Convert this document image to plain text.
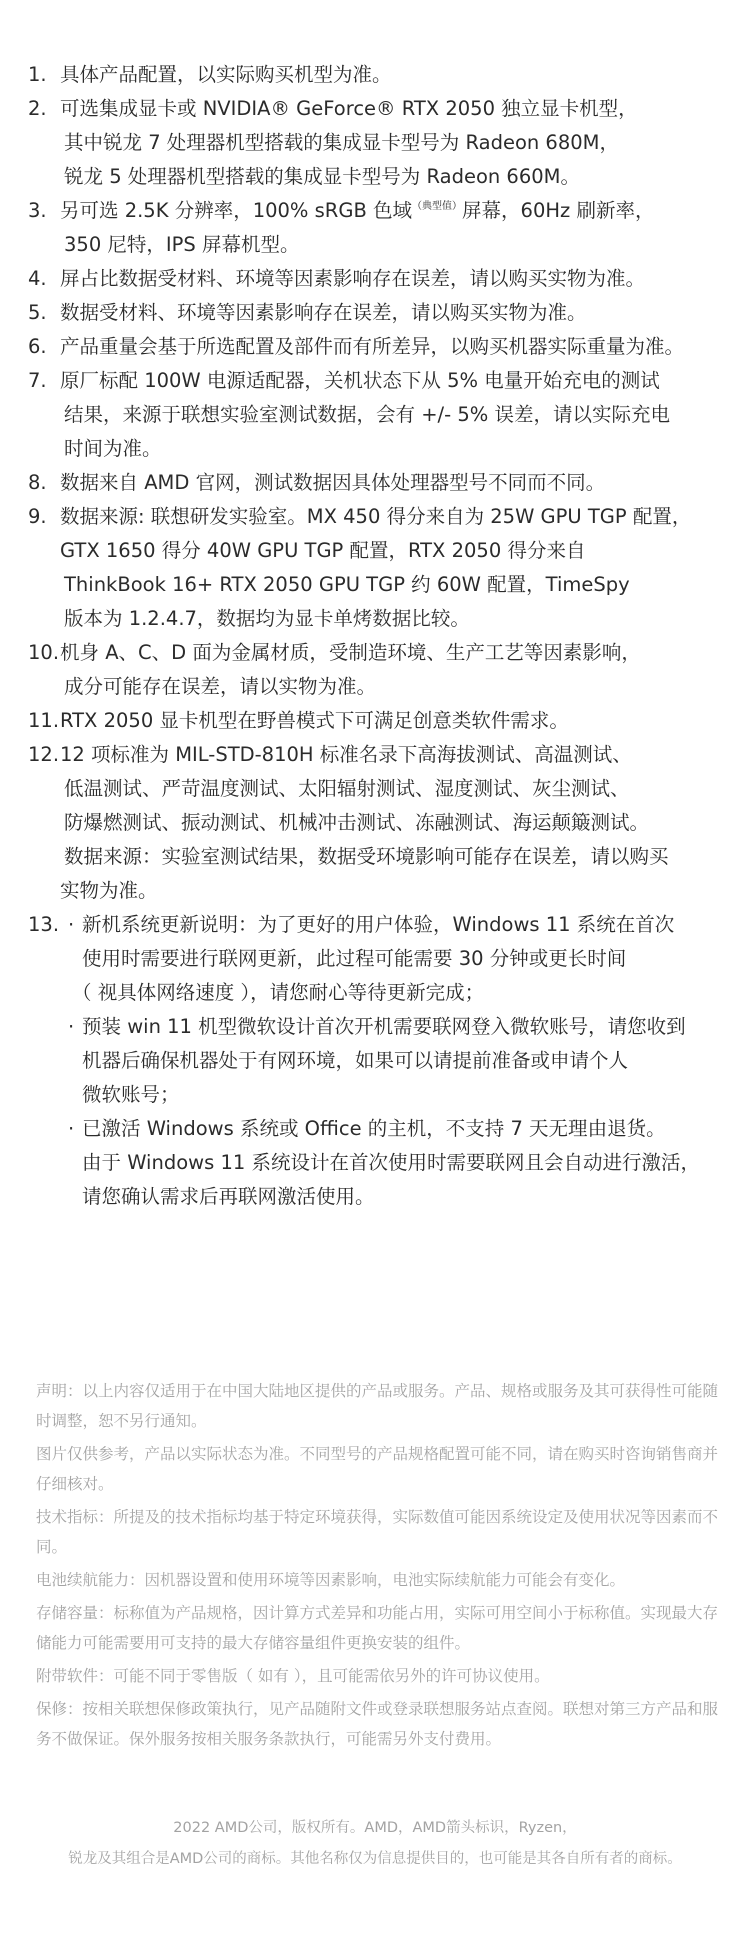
1. 具体产品配置，以实际购买机型为准。
2. 可选集成显卡或 NVIDIA® GeForce® RTX 2050 独立显卡机型，
其中锐龙 7 处理器机型搭载的集成显卡型号为 Radeon 680M，
锐龙 5 处理器机型搭载的集成显卡型号为 Radeon 660M。
3. 另可选 2.5K 分辨率，100% sRGB 色域$^{(典型值)}$屏幕，60Hz 刷新率，
350 尼特，IPS 屏幕机型。
4. 屏占比数据受材料、环境等因素影响存在误差，请以购买实物为准。
5. 数据受材料、环境等因素影响存在误差，请以购买实物为准。
6. 产品重量会基于所选配置及部件而有所差异，以购买机器实际重量为准。
7. 原厂标配 100W 电源适配器，关机状态下从 5% 电量开始充电的测试
结果，来源于联想实验室测试数据，会有 +/- 5% 误差，请以实际充电
时间为准。
8. 数据来自 AMD 官网，测试数据因具体处理器型号不同而不同。
9. 数据来源: 联想研发实验室。MX 450 得分来自为 25W GPU TGP 配置，
GTX 1650 得分 40W GPU TGP 配置，RTX 2050 得分来自
ThinkBook 16+ RTX 2050 GPU TGP 约 60W 配置，TimeSpy
版本为 1.2.4.7，数据均为显卡单烤数据比较。
10. 机身 A、C、D 面为金属材质，受制造环境、生产工艺等因素影响，
成分可能存在误差，请以实物为准。
11. RTX 2050 显卡机型在野兽模式下可满足创意类软件需求。
12. 12 项标准为 MIL-STD-810H 标准名录下高海拔测试、高温测试、
低温测试、严苛温度测试、太阳辐射测试、湿度测试、灰尘测试、
防爆燃测试、振动测试、机械冲击测试、冻融测试、海运颠簸测试。
数据来源：实验室测试结果，数据受环境影响可能存在误差，请以购买
实物为准。
13. · 新机系统更新说明：为了更好的用户体验，Windows 11 系统在首次
使用时需要进行联网更新，此过程可能需要 30 分钟或更长时间
（ 视具体网络速度 ），请您耐心等待更新完成；
· 预装 win 11 机型微软设计首次开机需要联网登入微软账号，请您收到
机器后确保机器处于有网环境，如果可以请提前准备或申请个人
微软账号；
· 已激活 Windows 系统或 Office 的主机，不支持 7 天无理由退货。
由于 Windows 11 系统设计在首次使用时需要联网且会自动进行激活，
请您确认需求后再联网激活使用。

声明：以上内容仅适用于在中国大陆地区提供的产品或服务。产品、规格或服务及其可获得性可能随时调整，恕不另行通知。

图片仅供参考，产品以实际状态为准。不同型号的产品规格配置可能不同，请在购买时咨询销售商并仔细核对。

技术指标：所提及的技术指标均基于特定环境获得，实际数值可能因系统设定及使用状况等因素而不同。

电池续航能力：因机器设置和使用环境等因素影响，电池实际续航能力可能会有变化。

存储容量：标称值为产品规格，因计算方式差异和功能占用，实际可用空间小于标称值。实现最大存储能力可能需要用可支持的最大存储容量组件更换安装的组件。

附带软件：可能不同于零售版（ 如有 ），且可能需依另外的许可协议使用。

保修：按相关联想保修政策执行，见产品随附文件或登录联想服务站点查阅。联想对第三方产品和服务不做保证。保外服务按相关服务条款执行，可能需另外支付费用。

2022 AMD公司，版权所有。AMD，AMD箭头标识，Ryzen，
锐龙及其组合是AMD公司的商标。其他名称仅为信息提供目的，也可能是其各自所有者的商标。
